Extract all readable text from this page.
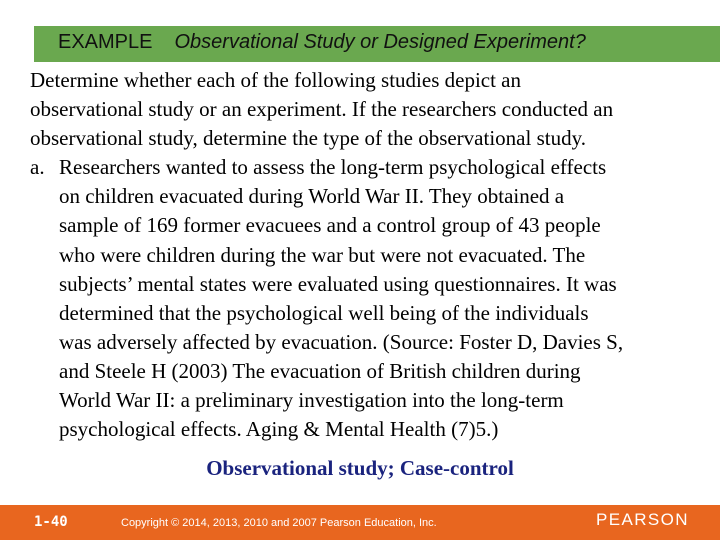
EXAMPLE Observational Study or Designed Experiment?
Determine whether each of the following studies depict an
observational study or an experiment. If the researchers conducted an
observational study, determine the type of the observational study.
a. Researchers wanted to assess the long-term psychological effects
on children evacuated during World War II. They obtained a
sample of 169 former evacuees and a control group of 43 people
who were children during the war but were not evacuated. The
subjects’ mental states were evaluated using questionnaires. It was
determined that the psychological well being of the individuals
was adversely affected by evacuation. (Source: Foster D, Davies S,
and Steele H (2003) The evacuation of British children during
World War II: a preliminary investigation into the long-term
psychological effects. Aging & Mental Health (7)5.)
Observational study; Case-control
1-40	Copyright © 2014, 2013, 2010 and 2007 Pearson Education, Inc.	PEARSON
